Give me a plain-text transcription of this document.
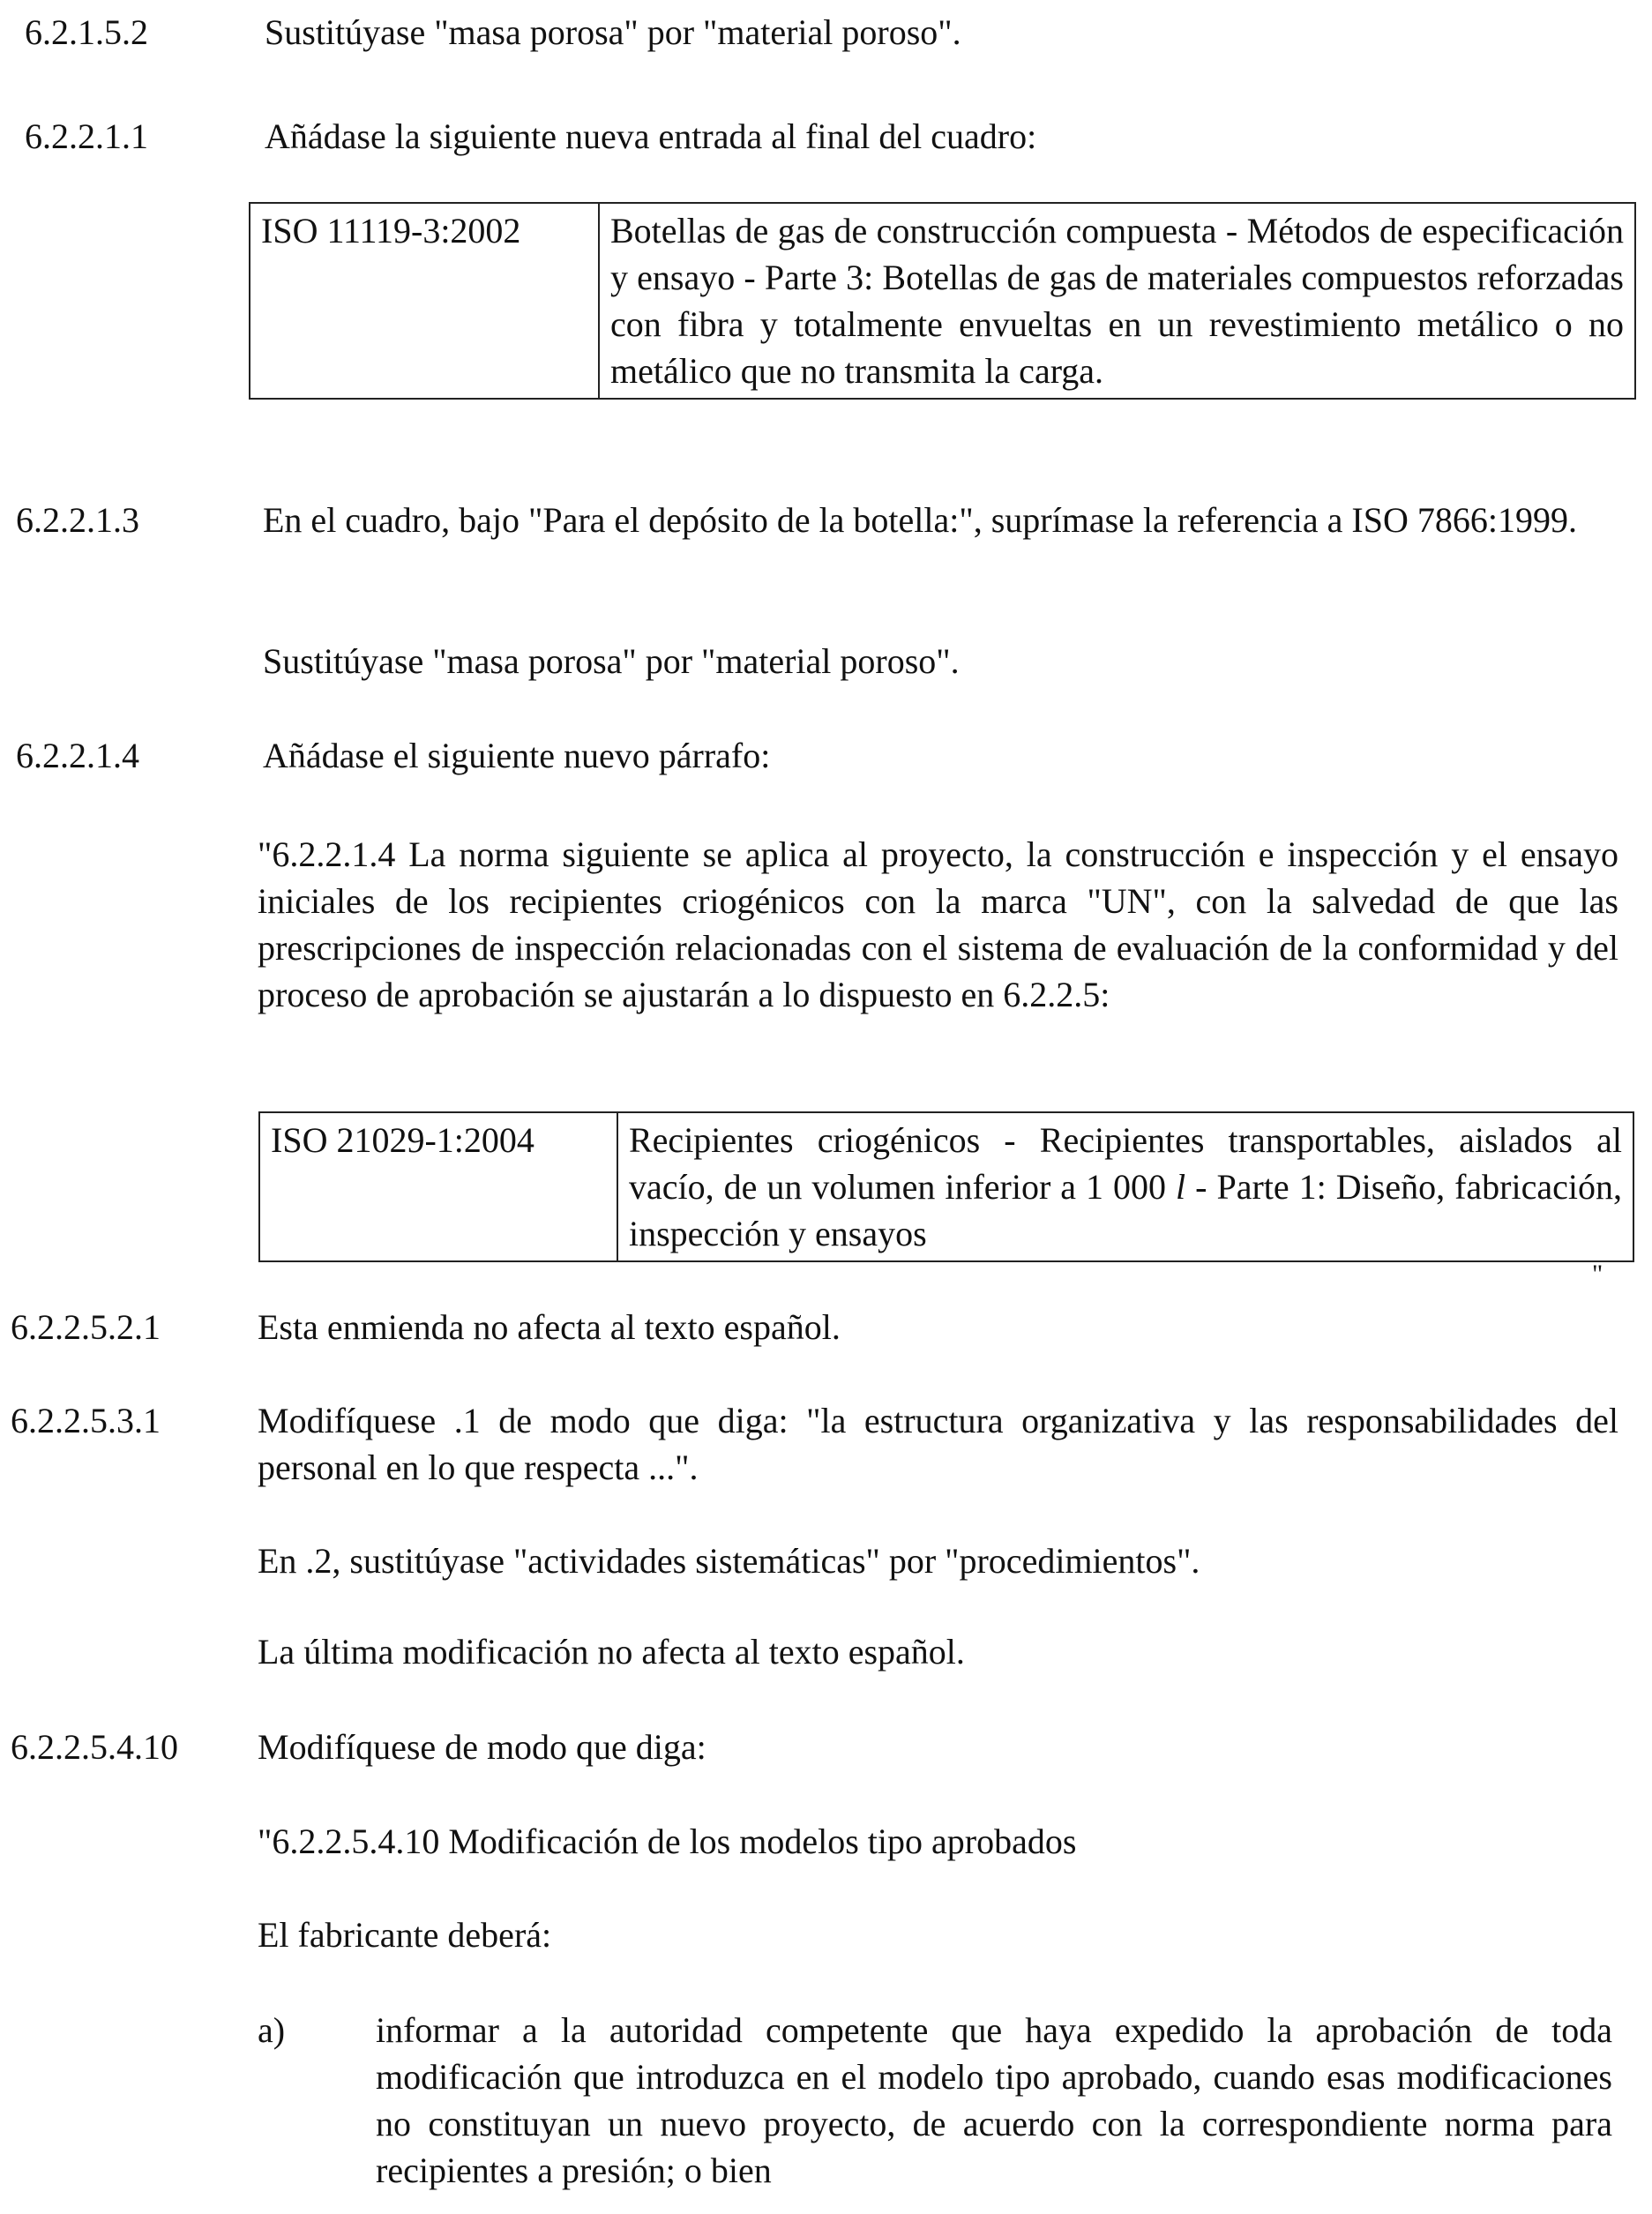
6.2.1.5.2	Sustitúyase "masa porosa" por "material poroso".
6.2.2.1.1	Añádase la siguiente nueva entrada al final del cuadro:
ISO 11119-3:2002	Botellas de gas de construcción compuesta - Métodos de especificación y ensayo - Parte 3: Botellas de gas de materiales compuestos reforzadas con fibra y totalmente envueltas en un revestimiento metálico o no metálico que no transmita la carga.
6.2.2.1.3	En el cuadro, bajo "Para el depósito de la botella:", suprímase la referencia a ISO 7866:1999.
Sustitúyase "masa porosa" por "material poroso".
6.2.2.1.4	Añádase el siguiente nuevo párrafo:
"6.2.2.1.4 La norma siguiente se aplica al proyecto, la construcción e inspección y el ensayo iniciales de los recipientes criogénicos con la marca "UN", con la salvedad de que las prescripciones de inspección relacionadas con el sistema de evaluación de la conformidad y del proceso de aprobación se ajustarán a lo dispuesto en 6.2.2.5:
ISO 21029-1:2004	Recipientes criogénicos - Recipientes transportables, aislados al vacío, de un volumen inferior a 1 000 l - Parte 1: Diseño, fabricación, inspección y ensayos
"
6.2.2.5.2.1	Esta enmienda no afecta al texto español.
6.2.2.5.3.1	Modifíquese .1 de modo que diga: "la estructura organizativa y las responsabilidades del personal en lo que respecta ...".
En .2, sustitúyase "actividades sistemáticas" por "procedimientos".
La última modificación no afecta al texto español.
6.2.2.5.4.10 Modifíquese de modo que diga:
"6.2.2.5.4.10 Modificación de los modelos tipo aprobados
El fabricante deberá:
a)	informar a la autoridad competente que haya expedido la aprobación de toda modificación que introduzca en el modelo tipo aprobado, cuando esas modificaciones no constituyan un nuevo proyecto, de acuerdo con la correspondiente norma para recipientes a presión; o bien
